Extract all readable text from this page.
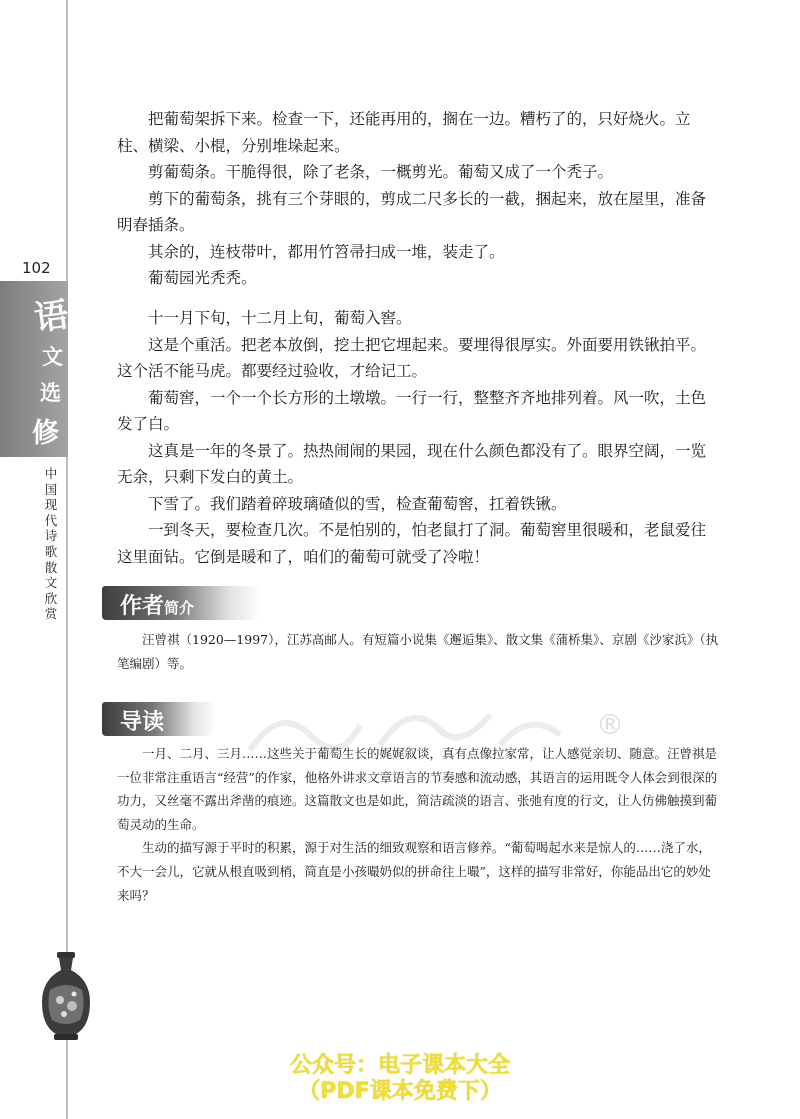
102
语
文
选
修
中国现代诗歌散文欣赏

把葡萄架拆下来。检查一下，还能再用的，搁在一边。糟朽了的，只好烧火。立柱、横梁、小棍，分别堆垛起来。

剪葡萄条。干脆得很，除了老条，一概剪光。葡萄又成了一个秃子。

剪下的葡萄条，挑有三个芽眼的，剪成二尺多长的一截，捆起来，放在屋里，准备明春插条。

其余的，连枝带叶，都用竹笤帚扫成一堆，装走了。

葡萄园光秃秃。

十一月下旬，十二月上旬，葡萄入窖。

这是个重活。把老本放倒，挖土把它埋起来。要埋得很厚实。外面要用铁锹拍平。这个活不能马虎。都要经过验收，才给记工。

葡萄窖，一个一个长方形的土墩墩。一行一行，整整齐齐地排列着。风一吹，土色发了白。

这真是一年的冬景了。热热闹闹的果园，现在什么颜色都没有了。眼界空阔，一览无余，只剩下发白的黄土。

下雪了。我们踏着碎玻璃碴似的雪，检查葡萄窖，扛着铁锹。

一到冬天，要检查几次。不是怕别的，怕老鼠打了洞。葡萄窖里很暖和，老鼠爱往这里面钻。它倒是暖和了，咱们的葡萄可就受了冷啦！

作者简介

汪曾祺（1920—1997），江苏高邮人。有短篇小说集《邂逅集》、散文集《蒲桥集》、京剧《沙家浜》（执笔编剧）等。

®
导读

一月、二月、三月……这些关于葡萄生长的娓娓叙谈，真有点像拉家常，让人感觉亲切、随意。汪曾祺是一位非常注重语言“经营”的作家，他格外讲求文章语言的节奏感和流动感，其语言的运用既令人体会到很深的功力，又丝毫不露出斧凿的痕迹。这篇散文也是如此，简洁疏淡的语言、张弛有度的行文，让人仿佛触摸到葡萄灵动的生命。

生动的描写源于平时的积累，源于对生活的细致观察和语言修养。“葡萄喝起水来是惊人的……浇了水，不大一会儿，它就从根直吸到梢，简直是小孩嘬奶似的拼命往上嘬”，这样的描写非常好，你能品出它的妙处来吗？

公众号：电子课本大全
（PDF课本免费下）
